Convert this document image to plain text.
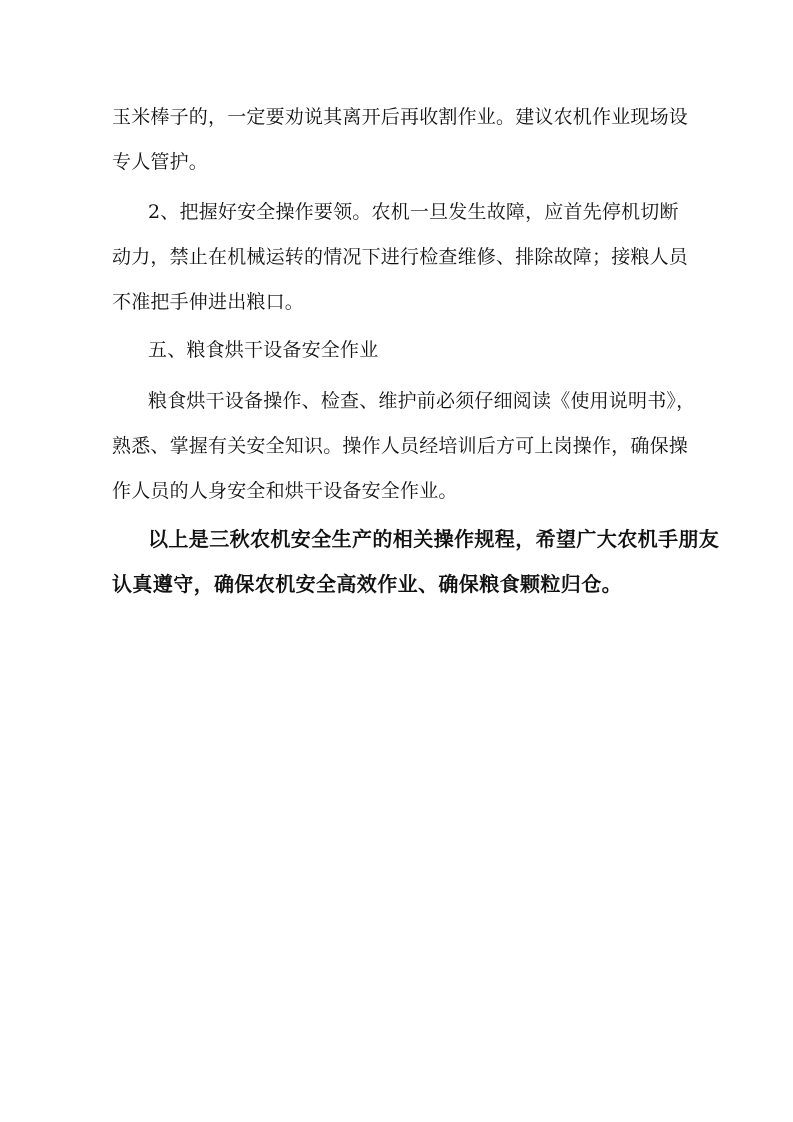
玉米棒子的，一定要劝说其离开后再收割作业。建议农机作业现场设
专人管护。
2、把握好安全操作要领。农机一旦发生故障，应首先停机切断
动力，禁止在机械运转的情况下进行检查维修、排除故障；接粮人员
不准把手伸进出粮口。
五、粮食烘干设备安全作业
粮食烘干设备操作、检查、维护前必须仔细阅读《使用说明书》，
熟悉、掌握有关安全知识。操作人员经培训后方可上岗操作，确保操
作人员的人身安全和烘干设备安全作业。
以上是三秋农机安全生产的相关操作规程，希望广大农机手朋友
认真遵守，确保农机安全高效作业、确保粮食颗粒归仓。
